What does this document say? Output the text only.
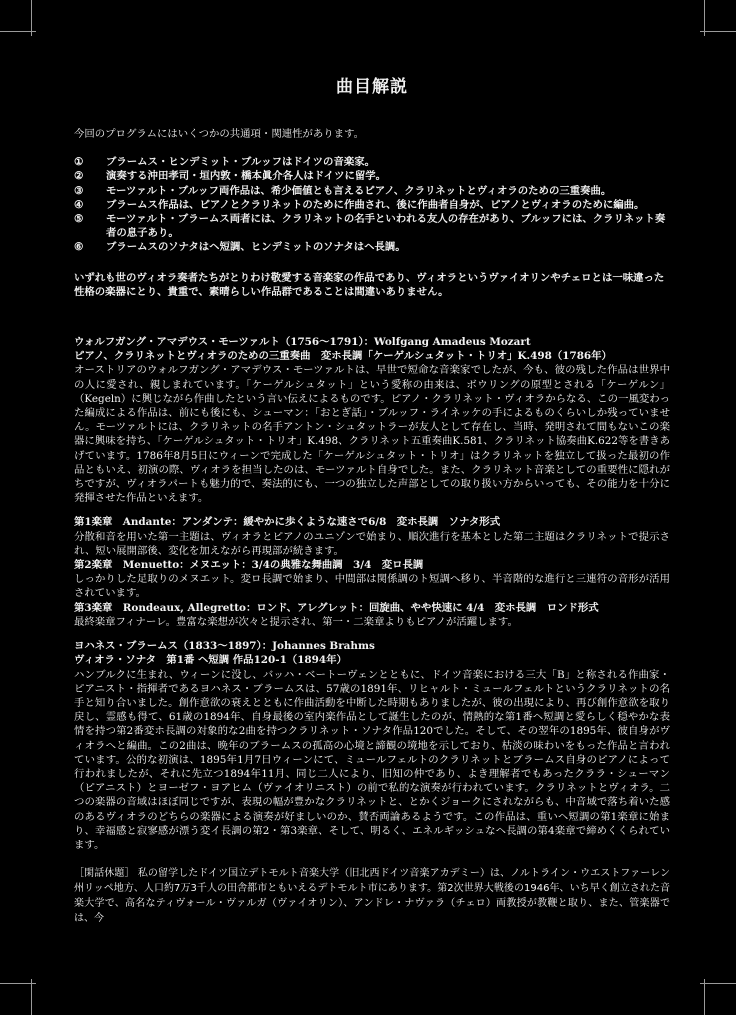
曲目解説

今回のプログラムにはいくつかの共通項・関連性があります。

①	ブラームス・ヒンデミット・ブルッフはドイツの音楽家。
②	演奏する沖田孝司・垣内敦・橋本眞介各人はドイツに留学。
③	モーツァルト・ブルッフ両作品は、希少価値とも言えるピアノ、クラリネットとヴィオラのための三重奏曲。
④	ブラームス作品は、ピアノとクラリネットのために作曲され、後に作曲者自身が、ピアノとヴィオラのために編曲。
⑤	モーツァルト・ブラームス両者には、クラリネットの名手といわれる友人の存在があり、ブルッフには、クラリネット奏者の息子あり。
⑥	ブラームスのソナタはヘ短調、ヒンデミットのソナタはヘ長調。

いずれも世のヴィオラ奏者たちがとりわけ敬愛する音楽家の作品であり、ヴィオラというヴァイオリンやチェロとは一味違った性格の楽器にとり、貴重で、素晴らしい作品群であることは間違いありません。

ウォルフガング・アマデウス・モーツァルト（1756～1791）：Wolfgang Amadeus Mozart
ピアノ、クラリネットとヴィオラのための三重奏曲　変ホ長調「ケーゲルシュタット・トリオ」K.498（1786年）

オーストリアのウォルフガング・アマデウス・モーツァルトは、早世で短命な音楽家でしたが、今も、彼の残した作品は世界中の人に愛され、親しまれています。「ケーゲルシュタット」という愛称の由来は、ボウリングの原型とされる「ケーゲルン」（Kegeln）に興じながら作曲したという言い伝えによるものです。ピアノ・クラリネット・ヴィオラからなる、この一風変わった編成による作品は、前にも後にも、シューマン：「おとぎ話」・ブルッフ・ライネッケの手によるものくらいしか残っていません。モーツァルトには、クラリネットの名手アントン・シュタットラーが友人として存在し、当時、発明されて間もないこの楽器に興味を持ち、「ケーゲルシュタット・トリオ」K.498、クラリネット五重奏曲K.581、クラリネット協奏曲K.622等を書きあげています。1786年8月5日にウィーンで完成した「ケーゲルシュタット・トリオ」はクラリネットを独立して扱った最初の作品ともいえ、初演の際、ヴィオラを担当したのは、モーツァルト自身でした。また、クラリネット音楽としての重要性に隠れがちですが、ヴィオラパートも魅力的で、奏法的にも、一つの独立した声部としての取り扱い方からいっても、その能力を十分に発揮させた作品といえます。

第1楽章　Andante：アンダンテ：緩やかに歩くような速さで6/8　変ホ長調　ソナタ形式

分散和音を用いた第一主題は、ヴィオラとピアノのユニゾンで始まり、順次進行を基本とした第二主題はクラリネットで提示され、短い展開部後、変化を加えながら再現部が続きます。

第2楽章　Menuetto：メヌエット：3/4の典雅な舞曲調　3/4　変ロ長調

しっかりした足取りのメヌエット。変ロ長調で始まり、中間部は関係調のト短調へ移り、半音階的な進行と三連符の音形が活用されています。

第3楽章　Rondeaux, Allegretto：ロンド、アレグレット：回旋曲、やや快速に 4/4　変ホ長調　ロンド形式

最終楽章フィナーレ。豊富な楽想が次々と提示され、第一・二楽章よりもピアノが活躍します。

ヨハネス・ブラームス（1833～1897）：Johannes Brahms
ヴィオラ・ソナタ　第1番 ヘ短調 作品120-1（1894年）

ハンブルクに生まれ、ウィーンに没し、バッハ・ベートーヴェンとともに、ドイツ音楽における三大「B」と称される作曲家・ピアニスト・指揮者であるヨハネス・ブラームスは、57歳の1891年、リヒャルト・ミュールフェルトというクラリネットの名手と知り合いました。創作意欲の衰えとともに作曲活動を中断した時期もありましたが、彼の出現により、再び創作意欲を取り戻し、霊感も得て、61歳の1894年、自身最後の室内楽作品として誕生したのが、情熱的な第1番ヘ短調と愛らしく穏やかな表情を持つ第2番変ホ長調の対象的な2曲を持つクラリネット・ソナタ作品120でした。そして、その翌年の1895年、彼自身がヴィオラへと編曲。この2曲は、晩年のブラームスの孤高の心境と諦観の境地を示しており、枯淡の味わいをもった作品と言われています。公的な初演は、1895年1月7日ウィーンにて、ミュールフェルトのクラリネットとブラームス自身のピアノによって行われましたが、それに先立つ1894年11月、同じ二人により、旧知の仲であり、よき理解者でもあったクララ・シューマン（ピアニスト）とヨーゼフ・ヨアヒム（ヴァイオリニスト）の前で私的な演奏が行われています。クラリネットとヴィオラ。二つの楽器の音域はほぼ同じですが、表現の幅が豊かなクラリネットと、とかくジョークにされながらも、中音域で落ち着いた感のあるヴィオラのどちらの楽器による演奏が好ましいのか、賛否両論あるようです。この作品は、重いヘ短調の第1楽章に始まり、幸福感と寂寥感が漂う変イ長調の第2・第3楽章、そして、明るく、エネルギッシュなヘ長調の第4楽章で締めくくられています。

［閑話休題］ 私の留学したドイツ国立デトモルト音楽大学（旧北西ドイツ音楽アカデミー）は、ノルトライン・ウエストファーレン州リッペ地方、人口約7万3千人の田舎都市ともいえるデトモルト市にあります。第2次世界大戦後の1946年、いち早く創立された音楽大学で、高名なティヴォール・ヴァルガ（ヴァイオリン）、アンドレ・ナヴァラ（チェロ）両教授が教鞭と取り、また、管楽器では、今
